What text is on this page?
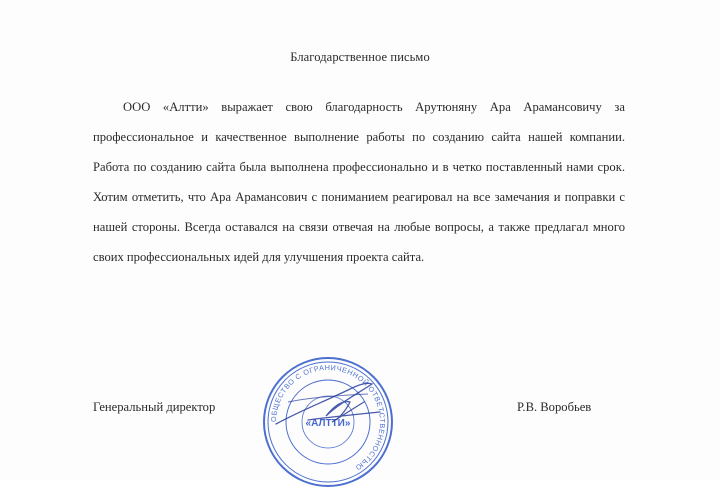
Благодарственное письмо

ООО «Алтти» выражает свою благодарность Арутюняну Ара Арамансовичу за профессиональное и качественное выполнение работы по созданию сайта нашей компании. Работа по созданию сайта была выполнена профессионально и в четко поставленный нами срок. Хотим отметить, что Ара Арамансович с пониманием реагировал на все замечания и поправки с нашей стороны. Всегда оставался на связи отвечая на любые вопросы, а также предлагал много своих профессиональных идей для улучшения проекта сайта.

Генеральный директор	Р.В. Воробьев
ОБЩЕСТВО С ОГРАНИЧЕННОЙ ОТВЕТСТВЕННОСТЬЮ
«АЛТТИ»
